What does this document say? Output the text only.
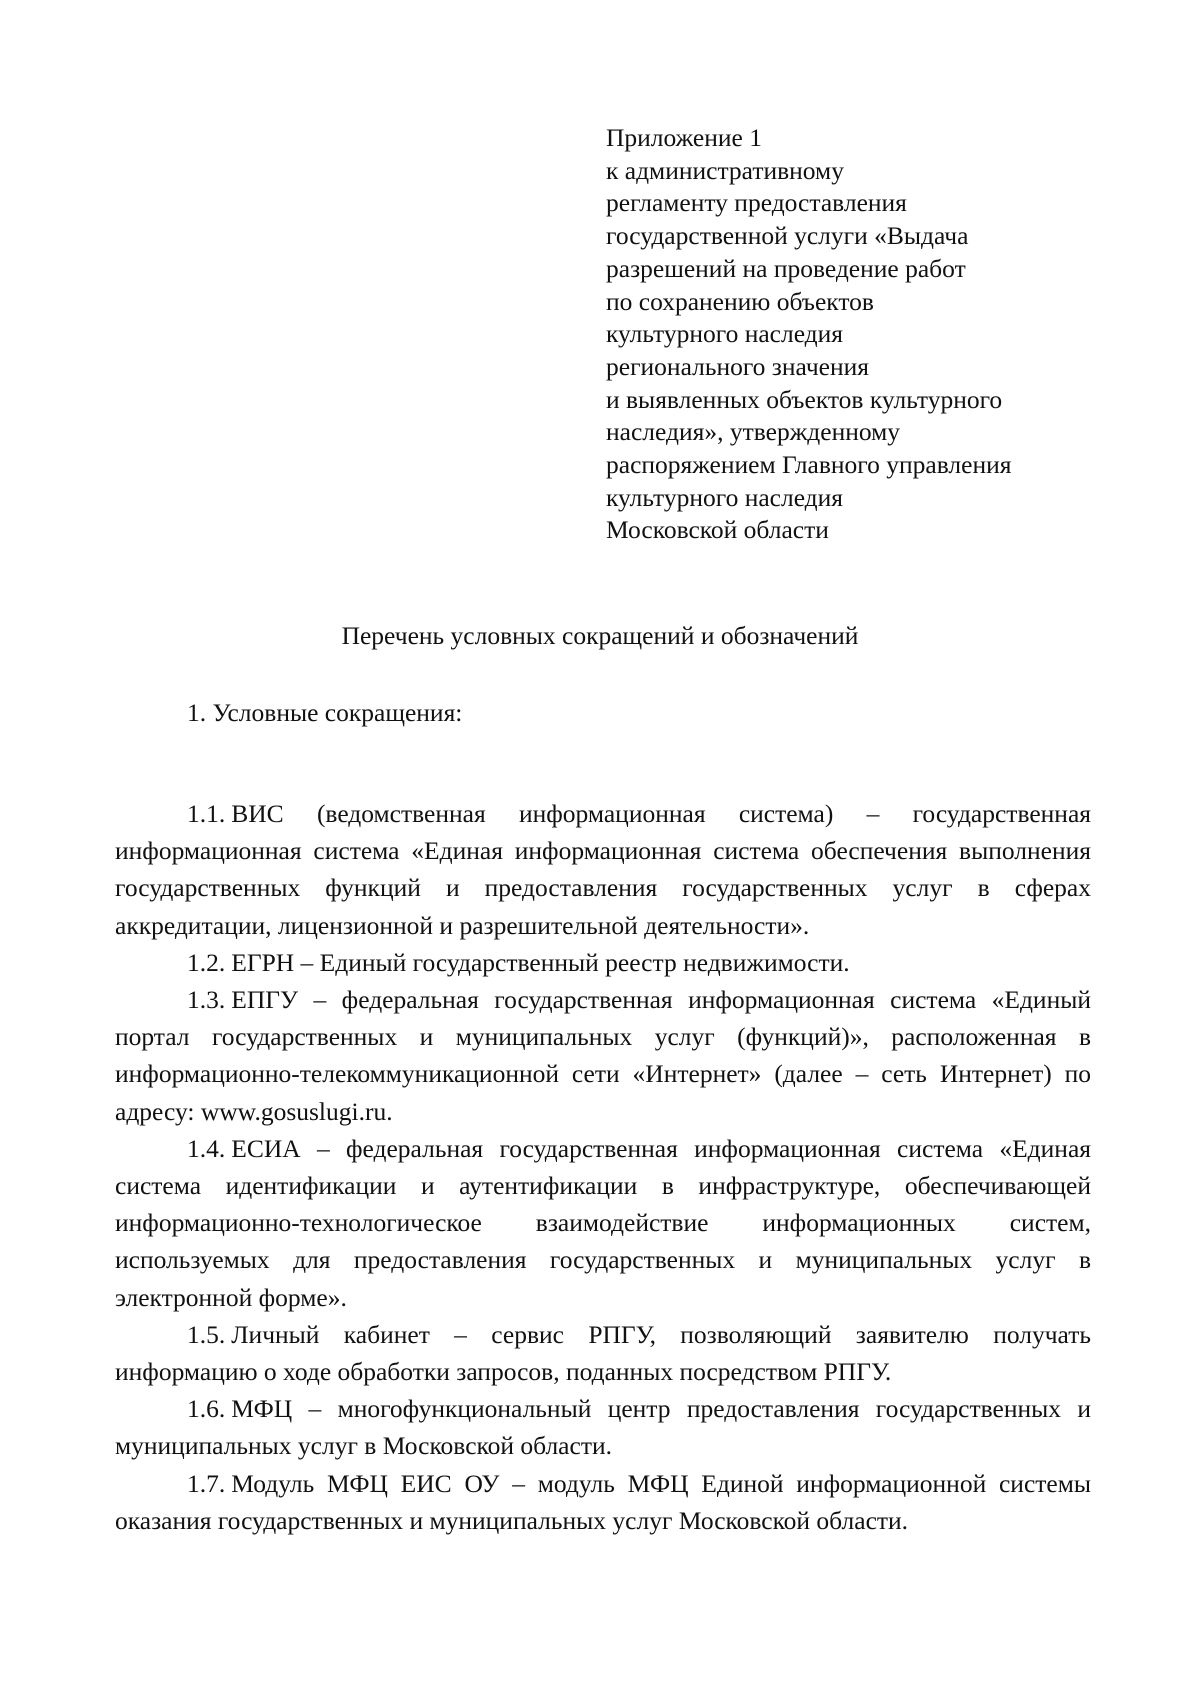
Приложение 1
к административному
регламенту предоставления
государственной услуги «Выдача
разрешений на проведение работ
по сохранению объектов
культурного наследия
регионального значения
и выявленных объектов культурного
наследия», утвержденному
распоряжением Главного управления
культурного наследия
Московской области
Перечень условных сокращений и обозначений
1. Условные сокращения:

1.1. ВИС (ведомственная информационная система) – государственная информационная система «Единая информационная система обеспечения выполнения государственных функций и предоставления государственных услуг в сферах аккредитации, лицензионной и разрешительной деятельности».

1.2. ЕГРН – Единый государственный реестр недвижимости.

1.3. ЕПГУ – федеральная государственная информационная система «Единый портал государственных и муниципальных услуг (функций)», расположенная в информационно-телекоммуникационной сети «Интернет» (далее – сеть Интернет) по адресу: www.gosuslugi.ru.

1.4. ЕСИА – федеральная государственная информационная система «Единая система идентификации и аутентификации в инфраструктуре, обеспечивающей информационно-технологическое взаимодействие информационных систем, используемых для предоставления государственных и муниципальных услуг в электронной форме».

1.5. Личный кабинет – сервис РПГУ, позволяющий заявителю получать информацию о ходе обработки запросов, поданных посредством РПГУ.

1.6. МФЦ – многофункциональный центр предоставления государственных и муниципальных услуг в Московской области.

1.7. Модуль МФЦ ЕИС ОУ – модуль МФЦ Единой информационной системы оказания государственных и муниципальных услуг Московской области.
